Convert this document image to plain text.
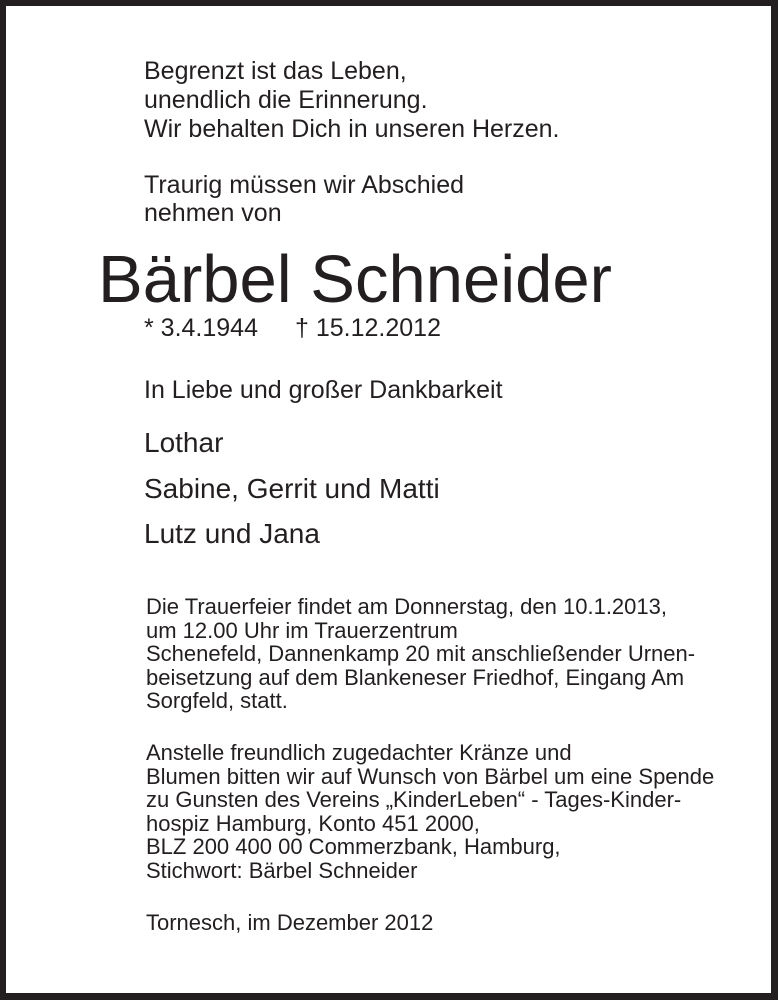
Begrenzt ist das Leben,
unendlich die Erinnerung.
Wir behalten Dich in unseren Herzen.

Traurig müssen wir Abschied
nehmen von

Bärbel Schneider

* 3.4.1944 † 15.12.2012

In Liebe und großer Dankbarkeit

Lothar
Sabine, Gerrit und Matti
Lutz und Jana

Die Trauerfeier findet am Donnerstag, den 10.1.2013,
um 12.00 Uhr im Trauerzentrum
Schenefeld, Dannenkamp 20 mit anschließender Urnen-
beisetzung auf dem Blankeneser Friedhof, Eingang Am
Sorgfeld, statt.

Anstelle freundlich zugedachter Kränze und
Blumen bitten wir auf Wunsch von Bärbel um eine Spende
zu Gunsten des Vereins „KinderLeben“ - Tages-Kinder-
hospiz Hamburg, Konto 451 2000,
BLZ 200 400 00 Commerzbank, Hamburg,
Stichwort: Bärbel Schneider

Tornesch, im Dezember 2012
